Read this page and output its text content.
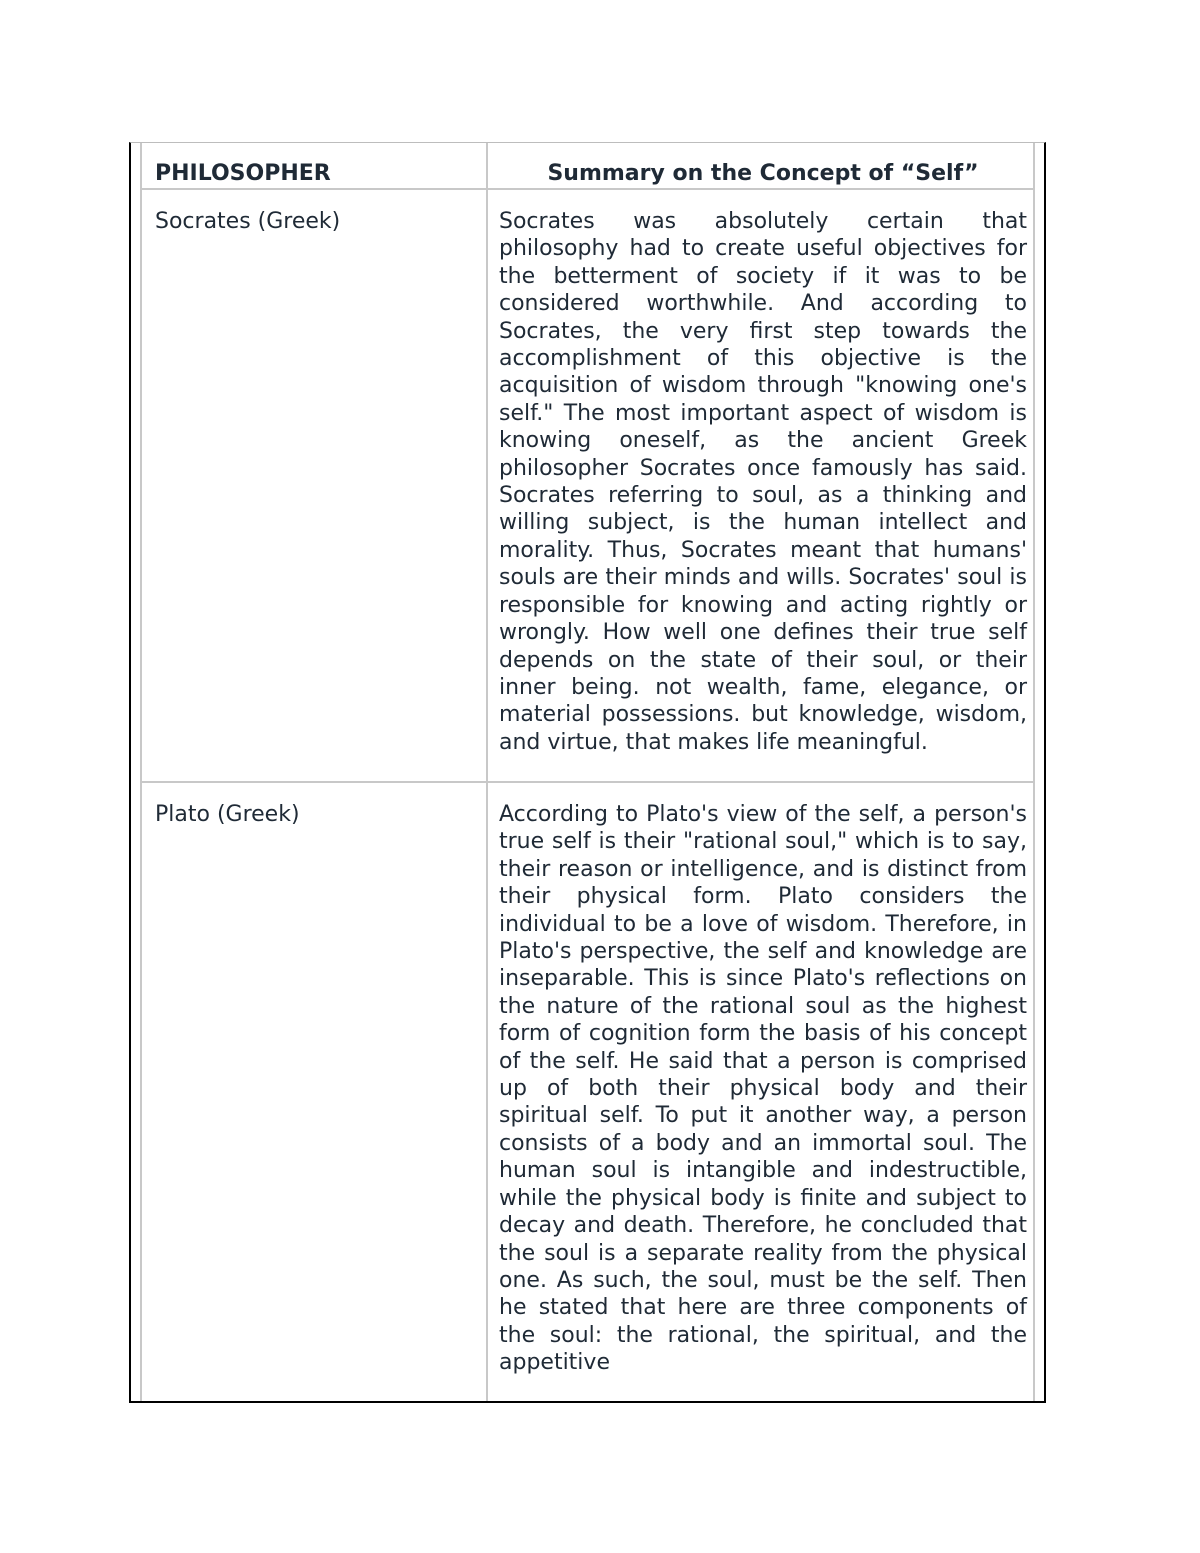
PHILOSOPHER	Summary on the Concept of “Self”
Socrates (Greek)	Socrates was absolutely certain that philosophy had to create useful objectives for the betterment of society if it was to be considered worthwhile. And according to Socrates, the very first step towards the accomplishment of this objective is the acquisition of wisdom through "knowing one's self." The most important aspect of wisdom is knowing oneself, as the ancient Greek philosopher Socrates once famously has said. Socrates referring to soul, as a thinking and willing subject, is the human intellect and morality. Thus, Socrates meant that humans' souls are their minds and wills. Socrates' soul is responsible for knowing and acting rightly or wrongly. How well one defines their true self depends on the state of their soul, or their inner being. not wealth, fame, elegance, or material possessions. but knowledge, wisdom, and virtue, that makes life meaningful.
Plato (Greek)	According to Plato's view of the self, a person's true self is their "rational soul," which is to say, their reason or intelligence, and is distinct from their physical form. Plato considers the individual to be a love of wisdom. Therefore, in Plato's perspective, the self and knowledge are inseparable. This is since Plato's reflections on the nature of the rational soul as the highest form of cognition form the basis of his concept of the self. He said that a person is comprised up of both their physical body and their spiritual self. To put it another way, a person consists of a body and an immortal soul. The human soul is intangible and indestructible, while the physical body is finite and subject to decay and death. Therefore, he concluded that the soul is a separate reality from the physical one. As such, the soul, must be the self. Then he stated that here are three components of the soul: the rational, the spiritual, and the appetitive
